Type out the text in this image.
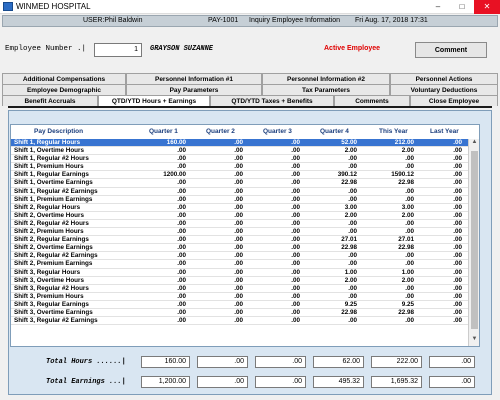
WINMED HOSPITAL	–	□	✕
USER:Phil Baldwin	PAY-1001 Inquiry Employee Information Fri Aug. 17, 2018 17:31
Employee Number .|	1	GRAYSON SUZANNE	Active Employee	Comment
Additional Compensations	Personnel Information #1	Personnel Information #2	Personnel Actions
Employee Demographic	Pay Parameters	Tax Parameters	Voluntary Deductions
Benefit Accruals	QTD/YTD Hours + Earnings	QTD/YTD Taxes + Benefits	Comments	Close Employee
Pay Description	Quarter 1	Quarter 2	Quarter 3	Quarter 4	This Year	Last Year
Shift 1, Regular Hours	160.00	.00	.00	52.00	212.00	.00
Shift 1, Overtime Hours	.00	.00	.00	2.00	2.00	.00
Shift 1, Regular #2 Hours	.00	.00	.00	.00	.00	.00
Shift 1, Premium Hours	.00	.00	.00	.00	.00	.00
Shift 1, Regular Earnings	1200.00	.00	.00	390.12	1590.12	.00
Shift 1, Overtime Earnings	.00	.00	.00	22.98	22.98	.00
Shift 1, Regular #2 Earnings	.00	.00	.00	.00	.00	.00
Shift 1, Premium Earnings	.00	.00	.00	.00	.00	.00
Shift 2, Regular Hours	.00	.00	.00	3.00	3.00	.00
Shift 2, Overtime Hours	.00	.00	.00	2.00	2.00	.00
Shift 2, Regular #2 Hours	.00	.00	.00	.00	.00	.00
Shift 2, Premium Hours	.00	.00	.00	.00	.00	.00
Shift 2, Regular Earnings	.00	.00	.00	27.01	27.01	.00
Shift 2, Overtime Earnings	.00	.00	.00	22.98	22.98	.00
Shift 2, Regular #2 Earnings	.00	.00	.00	.00	.00	.00
Shift 2, Premium Earnings	.00	.00	.00	.00	.00	.00
Shift 3, Regular Hours	.00	.00	.00	1.00	1.00	.00
Shift 3, Overtime Hours	.00	.00	.00	2.00	2.00	.00
Shift 3, Regular #2 Hours	.00	.00	.00	.00	.00	.00
Shift 3, Premium Hours	.00	.00	.00	.00	.00	.00
Shift 3, Regular Earnings	.00	.00	.00	9.25	9.25	.00
Shift 3, Overtime Earnings	.00	.00	.00	22.98	22.98	.00
Shift 3, Regular #2 Earnings	.00	.00	.00	.00	.00	.00
▲
▼
Total Hours ......|	160.00	.00	.00	62.00	222.00	.00
Total Earnings ...|	1,200.00	.00	.00	495.32	1,695.32	.00
